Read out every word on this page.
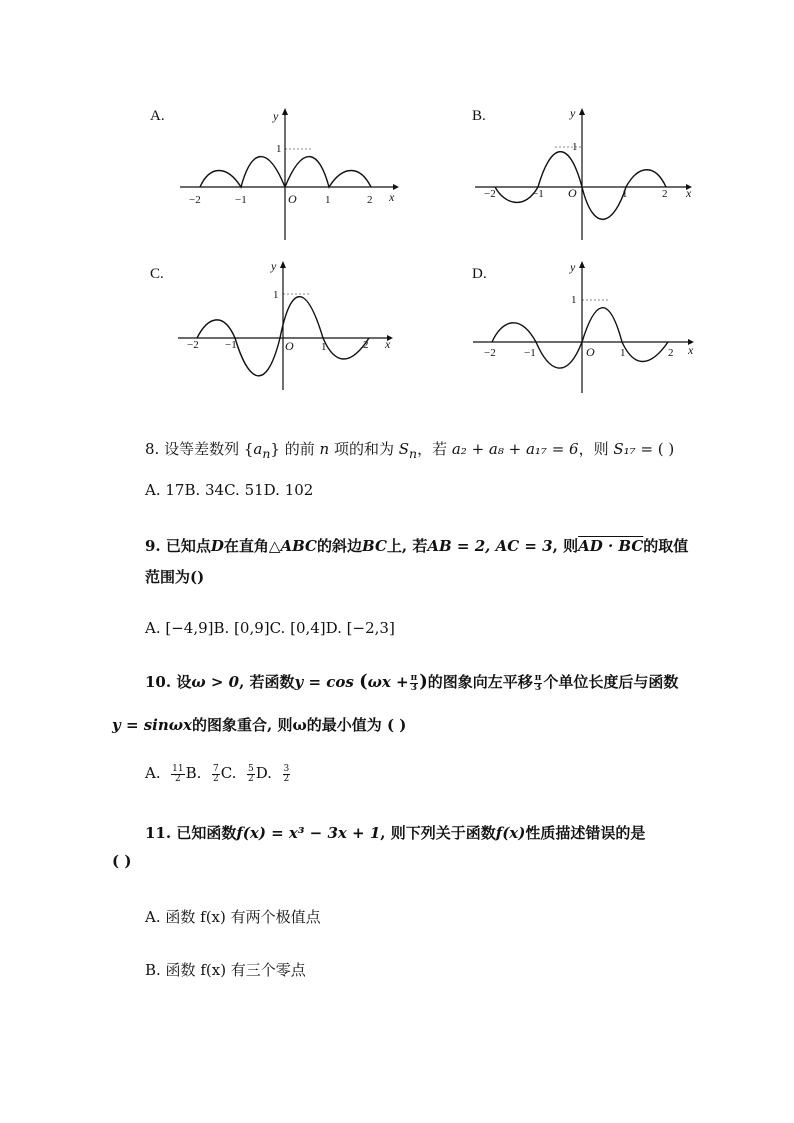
−2	−1	1	2
1
O	x
y
A.
−2	−1	1	2
1
O	x
y
B.
−2 −1	1	2
1
O	x
y
C.
−2	−1	1	2
1
O	x
y
D.
8. 设等差数列 $\{a_n\}$ 的前 n 项的和为 $S_n$，若 a₂ + a₈ + a₁₇ = 6，则 S₁₇ = ( )
A. 17B. 34C. 51D. 102
9. 已知点D在直角△ABC的斜边BC上, 若AB = 2, AC = 3, 则AD · BC的取值
范围为()
A. [−4,9]B. [0,9]C. [0,4]D. [−2,3]
10. 设ω > 0, 若函数$y = \cos (\omega x + \frac{\pi}{3}$ )的图象向左平移 $\frac{\pi}{3}$ 个单位长度后与函数
y = sinωx的图象重合, 则ω的最小值为 ( )
A. $\frac{11}{2} B$. $\frac{7}{2} C$. $\frac{5}{2} D$. $\frac{3}{2}$
11. 已知函数f(x) = x³ − 3x + 1, 则下列关于函数f(x)性质描述错误的是
( )
A. 函数 f(x) 有两个极值点
B. 函数 f(x) 有三个零点
